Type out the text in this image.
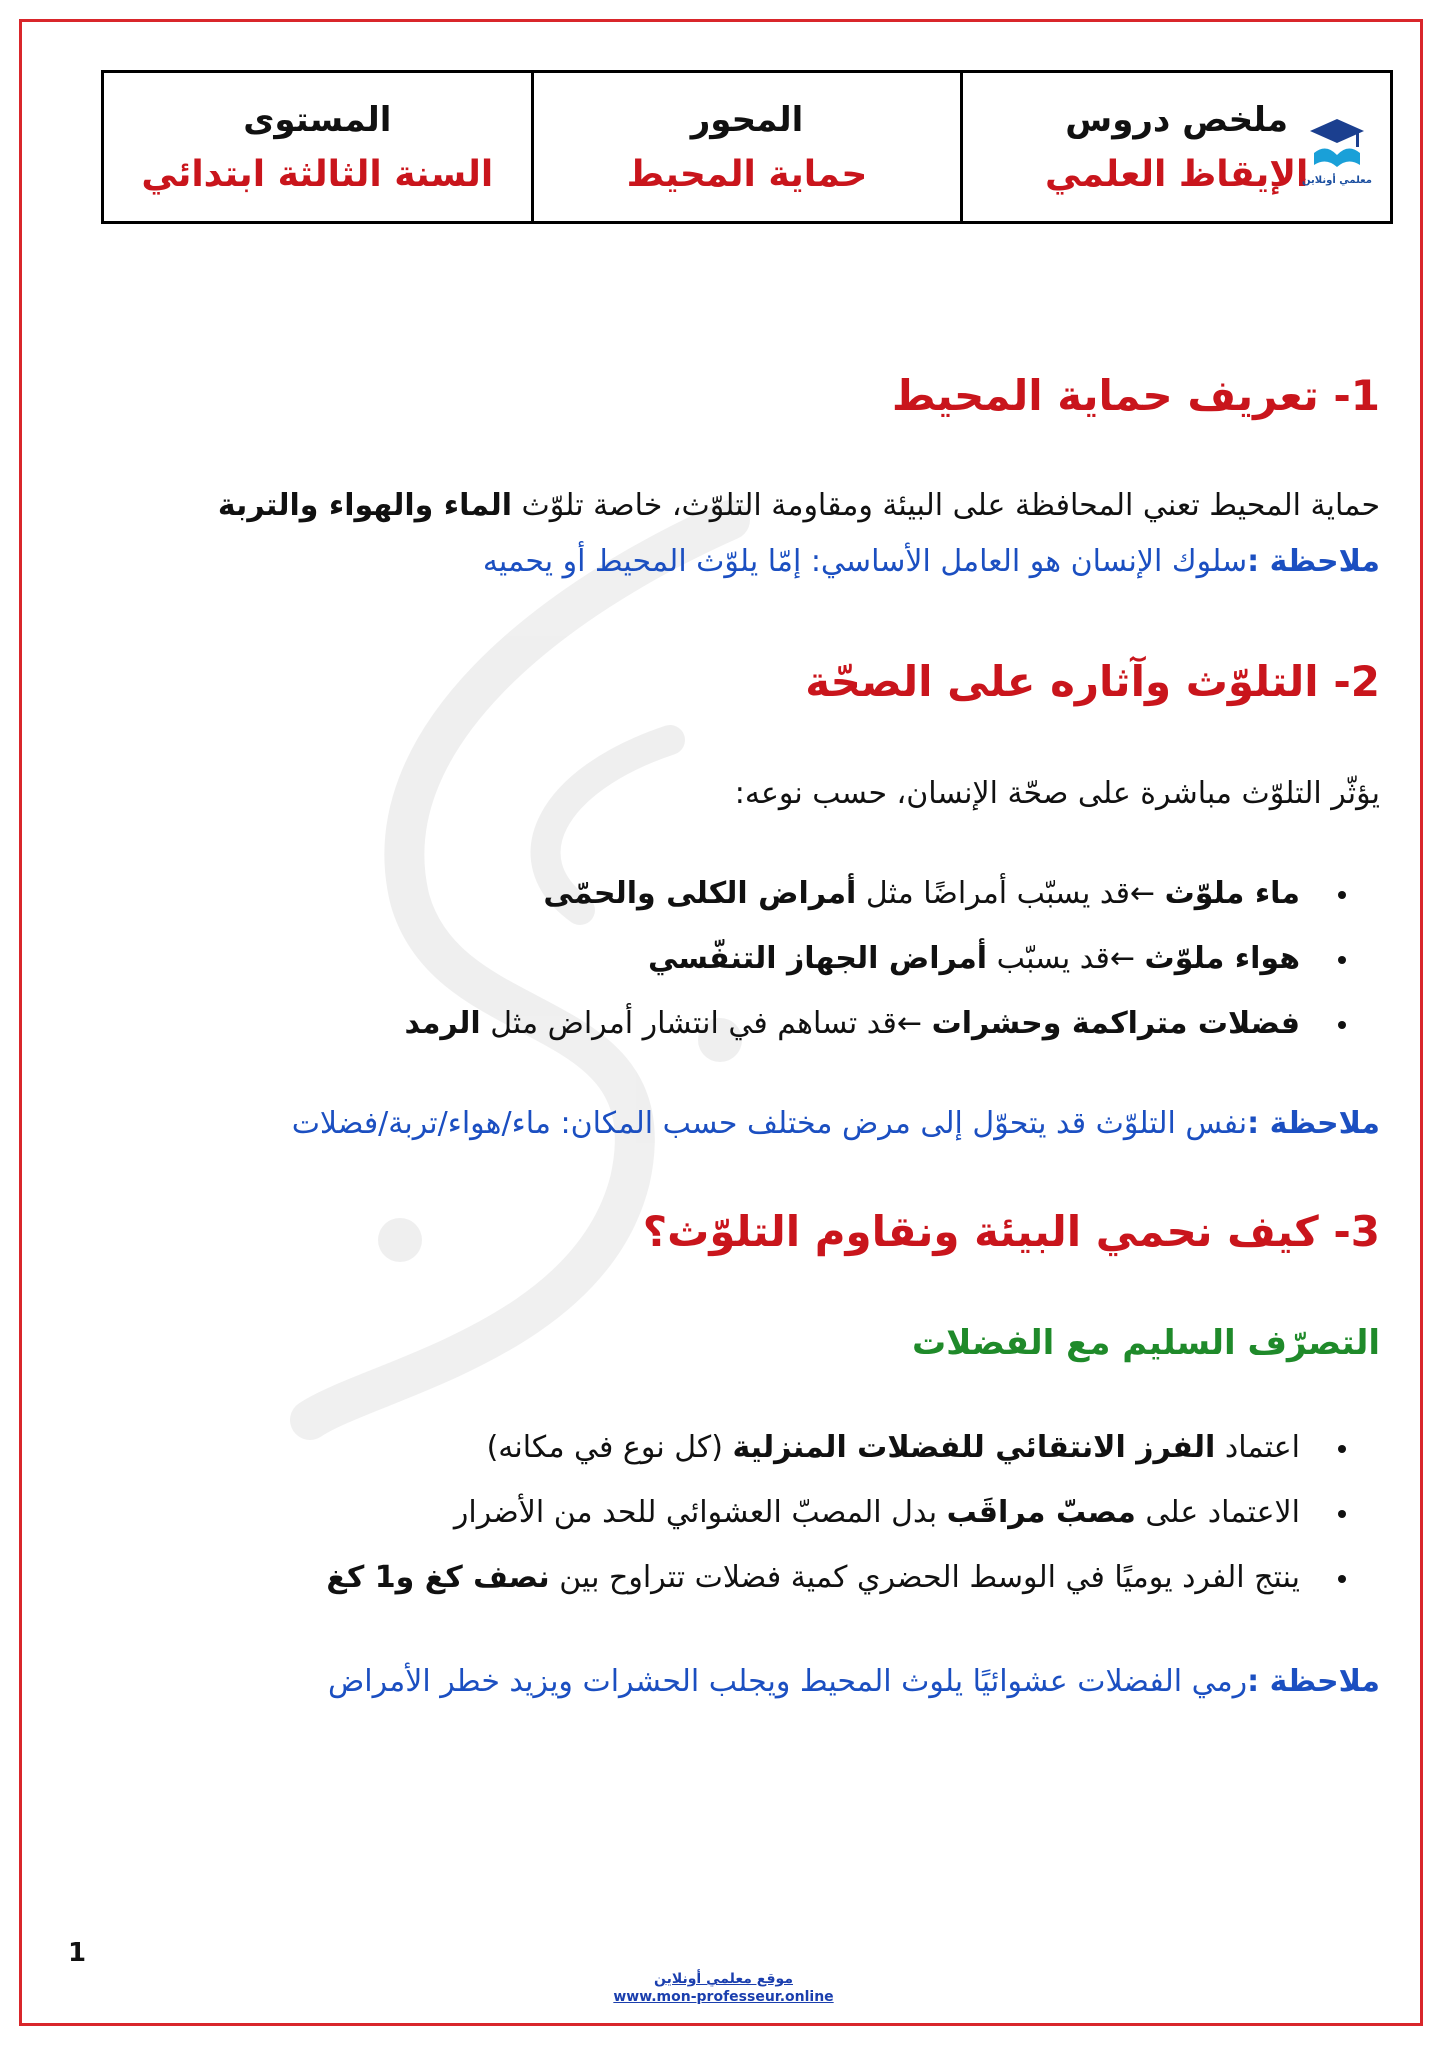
ملخص دروس
الإيقاظ العلمي
معلمي أونلاين
المحور
حماية المحيط
المستوى
السنة الثالثة ابتدائي
1- تعريف حماية المحيط
حماية المحيط تعني المحافظة على البيئة ومقاومة التلوّث، خاصة تلوّث الماء والهواء والتربة
ملاحظة :سلوك الإنسان هو العامل الأساسي: إمّا يلوّث المحيط أو يحميه
2- التلوّث وآثاره على الصحّة
يؤثّر التلوّث مباشرة على صحّة الإنسان، حسب نوعه:
ماء ملوّث ←قد يسبّب أمراضًا مثل أمراض الكلى والحمّى
هواء ملوّث ←قد يسبّب أمراض الجهاز التنفّسي
فضلات متراكمة وحشرات ←قد تساهم في انتشار أمراض مثل الرمد
ملاحظة :نفس التلوّث قد يتحوّل إلى مرض مختلف حسب المكان: ماء/هواء/تربة/فضلات
3- كيف نحمي البيئة ونقاوم التلوّث؟
التصرّف السليم مع الفضلات
اعتماد الفرز الانتقائي للفضلات المنزلية (كل نوع في مكانه)
الاعتماد على مصبّ مراقَب بدل المصبّ العشوائي للحد من الأضرار
ينتج الفرد يوميًا في الوسط الحضري كمية فضلات تتراوح بين نصف كغ و1 كغ
ملاحظة :رمي الفضلات عشوائيًا يلوث المحيط ويجلب الحشرات ويزيد خطر الأمراض
1
موقع معلمي أونلاين
www.mon-professeur.online
